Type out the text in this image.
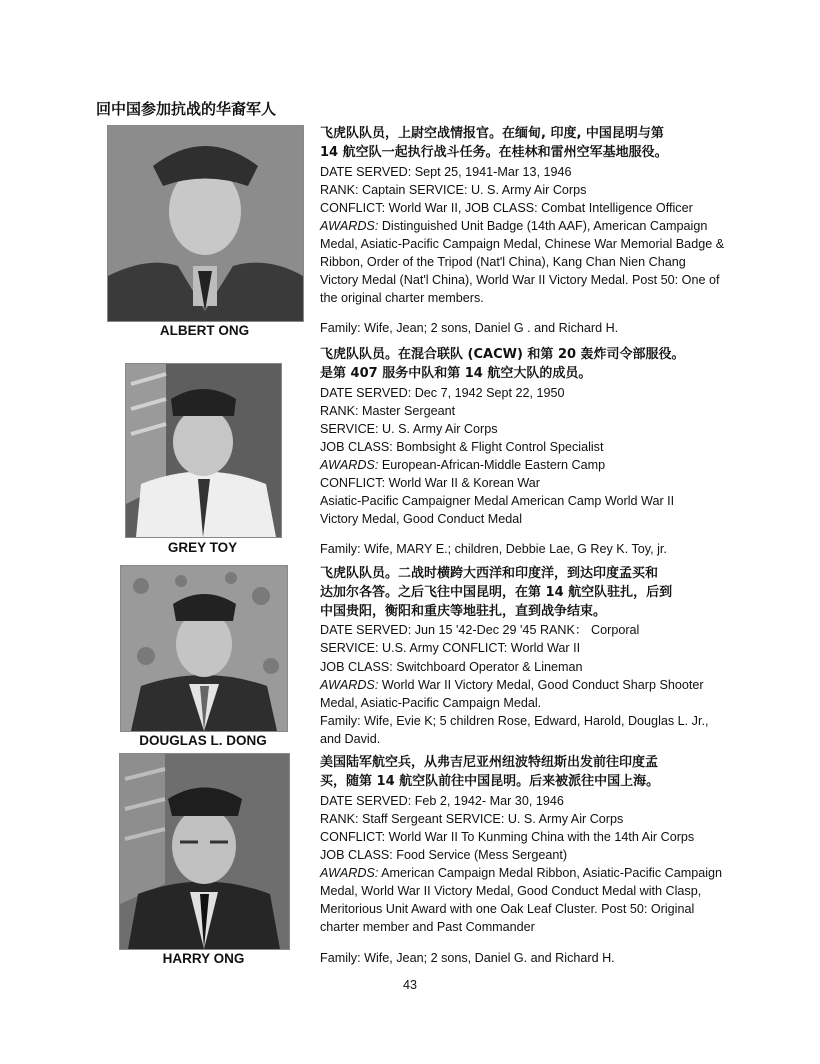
回中国参加抗战的华裔军人
ALBERT ONG
飞虎队队员，上尉空战情报官。在缅甸, 印度, 中国昆明与第
14 航空队一起执行战斗任务。在桂林和雷州空军基地服役。
DATE SERVED: Sept 25, 1941-Mar 13, 1946
RANK: Captain SERVICE: U. S. Army Air Corps
CONFLICT: World War II, JOB CLASS: Combat Intelligence Officer
AWARDS: Distinguished Unit Badge (14th AAF), American Campaign Medal, Asiatic-Pacific Campaign Medal, Chinese War Memorial Badge & Ribbon, Order of the Tripod (Nat'l China), Kang Chan Nien Chang Victory Medal (Nat'l China), World War II Victory Medal. Post 50: One of the original charter members.
Family: Wife, Jean; 2 sons, Daniel G . and Richard H.
GREY TOY
飞虎队队员。在混合联队 (CACW) 和第 20 轰炸司令部服役。
是第 407 服务中队和第 14 航空大队的成员。
DATE SERVED: Dec 7, 1942 Sept 22, 1950
RANK: Master Sergeant
SERVICE: U. S. Army Air Corps
JOB CLASS: Bombsight & Flight Control Specialist
AWARDS: European-African-Middle Eastern Camp
CONFLICT: World War II & Korean War
Asiatic-Pacific Campaigner Medal American Camp World War II
Victory Medal, Good Conduct Medal
Family: Wife, MARY E.; children, Debbie Lae, G Rey K. Toy, jr.
DOUGLAS L. DONG
飞虎队队员。二战时横跨大西洋和印度洋，到达印度孟买和
达加尔各答。之后飞往中国昆明，在第 14 航空队驻扎，后到
中国贵阳，衡阳和重庆等地驻扎，直到战争结束。
DATE SERVED: Jun 15 '42-Dec 29 '45 RANK： Corporal
SERVICE: U.S. Army CONFLICT: World War II
JOB CLASS: Switchboard Operator & Lineman
AWARDS: World War II Victory Medal, Good Conduct Sharp Shooter Medal, Asiatic-Pacific Campaign Medal.
Family: Wife, Evie K; 5 children Rose, Edward, Harold, Douglas L. Jr., and David.
HARRY ONG
美国陆军航空兵，从弗吉尼亚州纽波特纽斯出发前往印度孟
买，随第 14 航空队前往中国昆明。后来被派往中国上海。
DATE SERVED: Feb 2, 1942- Mar 30, 1946
RANK: Staff Sergeant SERVICE: U. S. Army Air Corps
CONFLICT: World War II To Kunming China with the 14th Air Corps
JOB CLASS: Food Service (Mess Sergeant)
AWARDS: American Campaign Medal Ribbon, Asiatic-Pacific Campaign Medal, World War II Victory Medal, Good Conduct Medal with Clasp, Meritorious Unit Award with one Oak Leaf Cluster. Post 50: Original charter member and Past Commander
Family: Wife, Jean; 2 sons, Daniel G. and Richard H.
43
